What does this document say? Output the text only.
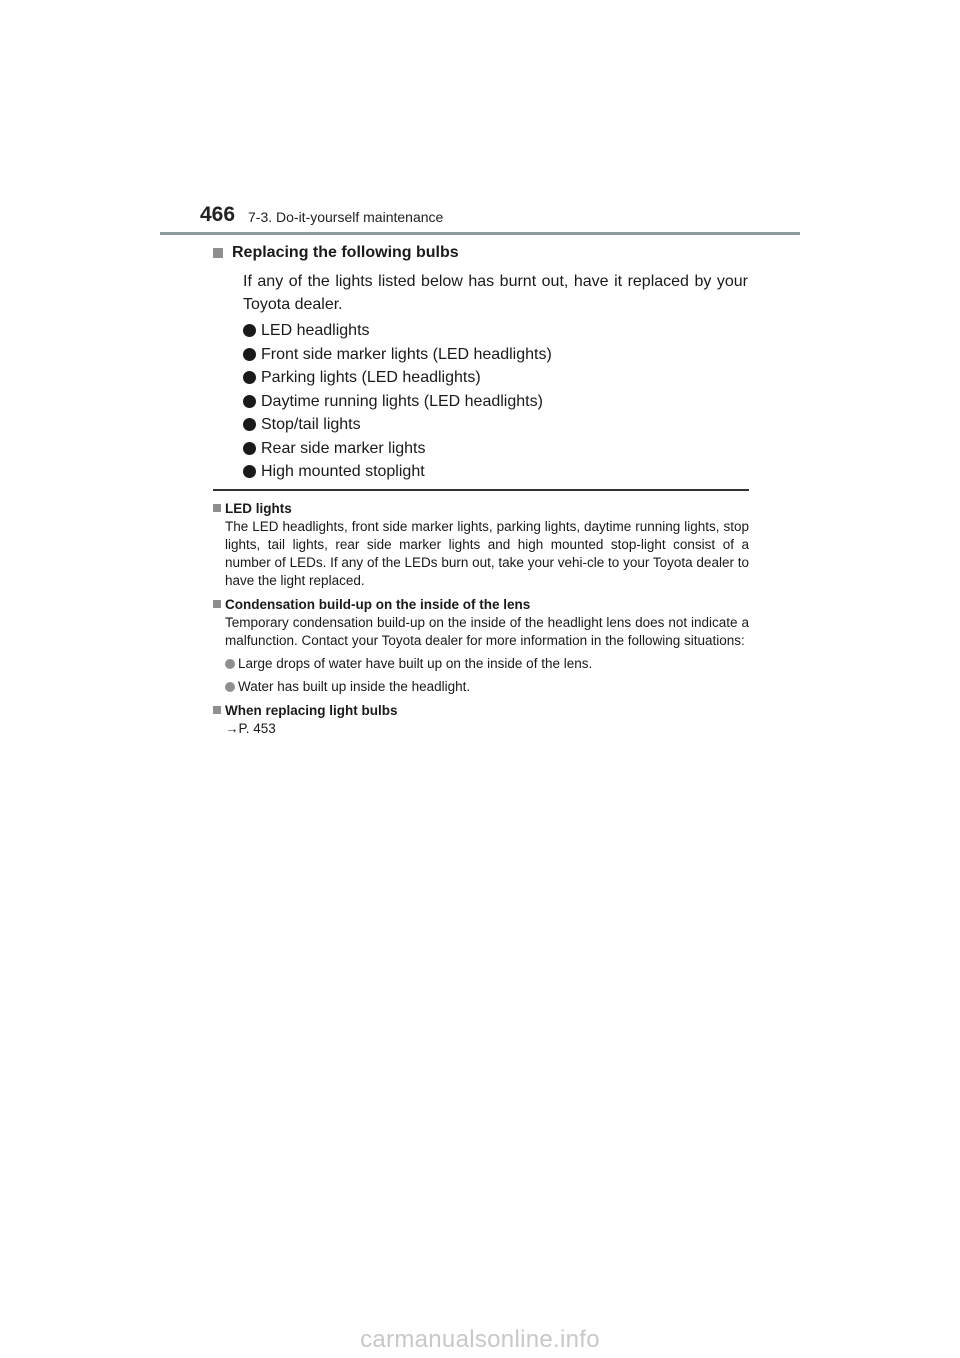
466 7-3. Do-it-yourself maintenance
Replacing the following bulbs

If any of the lights listed below has burnt out, have it replaced by your Toyota dealer.

LED headlights
Front side marker lights (LED headlights)
Parking lights (LED headlights)
Daytime running lights (LED headlights)
Stop/tail lights
Rear side marker lights
High mounted stoplight
LED lights

The LED headlights, front side marker lights, parking lights, daytime running lights, stop lights, tail lights, rear side marker lights and high mounted stop-light consist of a number of LEDs. If any of the LEDs burn out, take your vehi-cle to your Toyota dealer to have the light replaced.

Condensation build-up on the inside of the lens

Temporary condensation build-up on the inside of the headlight lens does not indicate a malfunction. Contact your Toyota dealer for more information in the following situations:

Large drops of water have built up on the inside of the lens.
Water has built up inside the headlight.
When replacing light bulbs
→P. 453
carmanualsonline.info
